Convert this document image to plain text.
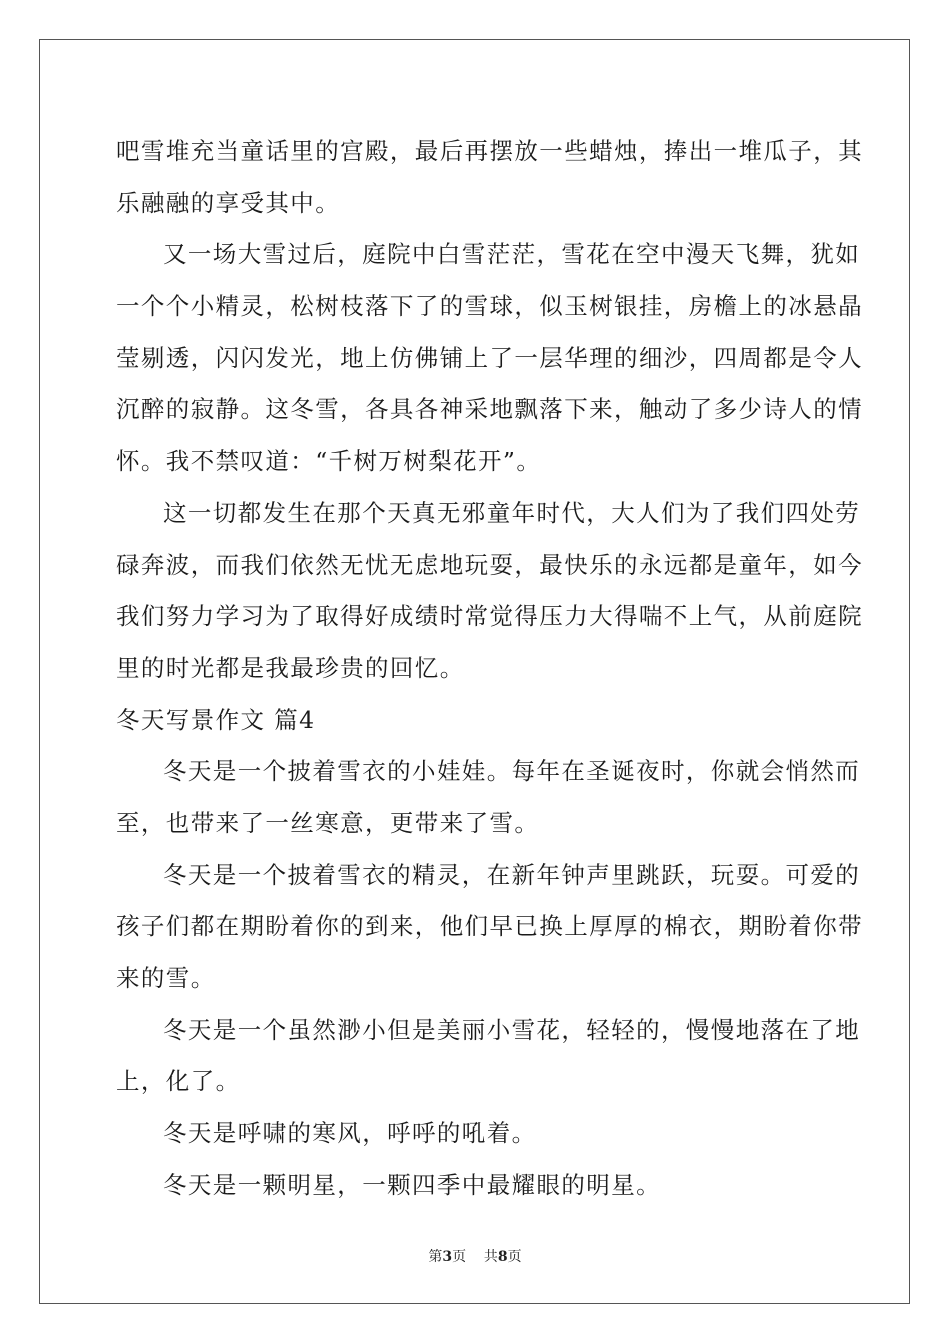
吧雪堆充当童话里的宫殿，最后再摆放一些蜡烛，捧出一堆瓜子，其
乐融融的享受其中。
又一场大雪过后，庭院中白雪茫茫，雪花在空中漫天飞舞，犹如
一个个小精灵，松树枝落下了的雪球，似玉树银挂，房檐上的冰悬晶
莹剔透，闪闪发光，地上仿佛铺上了一层华理的细沙，四周都是令人
沉醉的寂静。这冬雪，各具各神采地飘落下来，触动了多少诗人的情
怀。我不禁叹道：“千树万树梨花开”。
这一切都发生在那个天真无邪童年时代，大人们为了我们四处劳
碌奔波，而我们依然无忧无虑地玩耍，最快乐的永远都是童年，如今
我们努力学习为了取得好成绩时常觉得压力大得喘不上气，从前庭院
里的时光都是我最珍贵的回忆。
冬天写景作文 篇4
冬天是一个披着雪衣的小娃娃。每年在圣诞夜时，你就会悄然而
至，也带来了一丝寒意，更带来了雪。
冬天是一个披着雪衣的精灵，在新年钟声里跳跃，玩耍。可爱的
孩子们都在期盼着你的到来，他们早已换上厚厚的棉衣，期盼着你带
来的雪。
冬天是一个虽然渺小但是美丽小雪花，轻轻的，慢慢地落在了地
上，化了。
冬天是呼啸的寒风，呼呼的吼着。
冬天是一颗明星，一颗四季中最耀眼的明星。
第3页 共8页
